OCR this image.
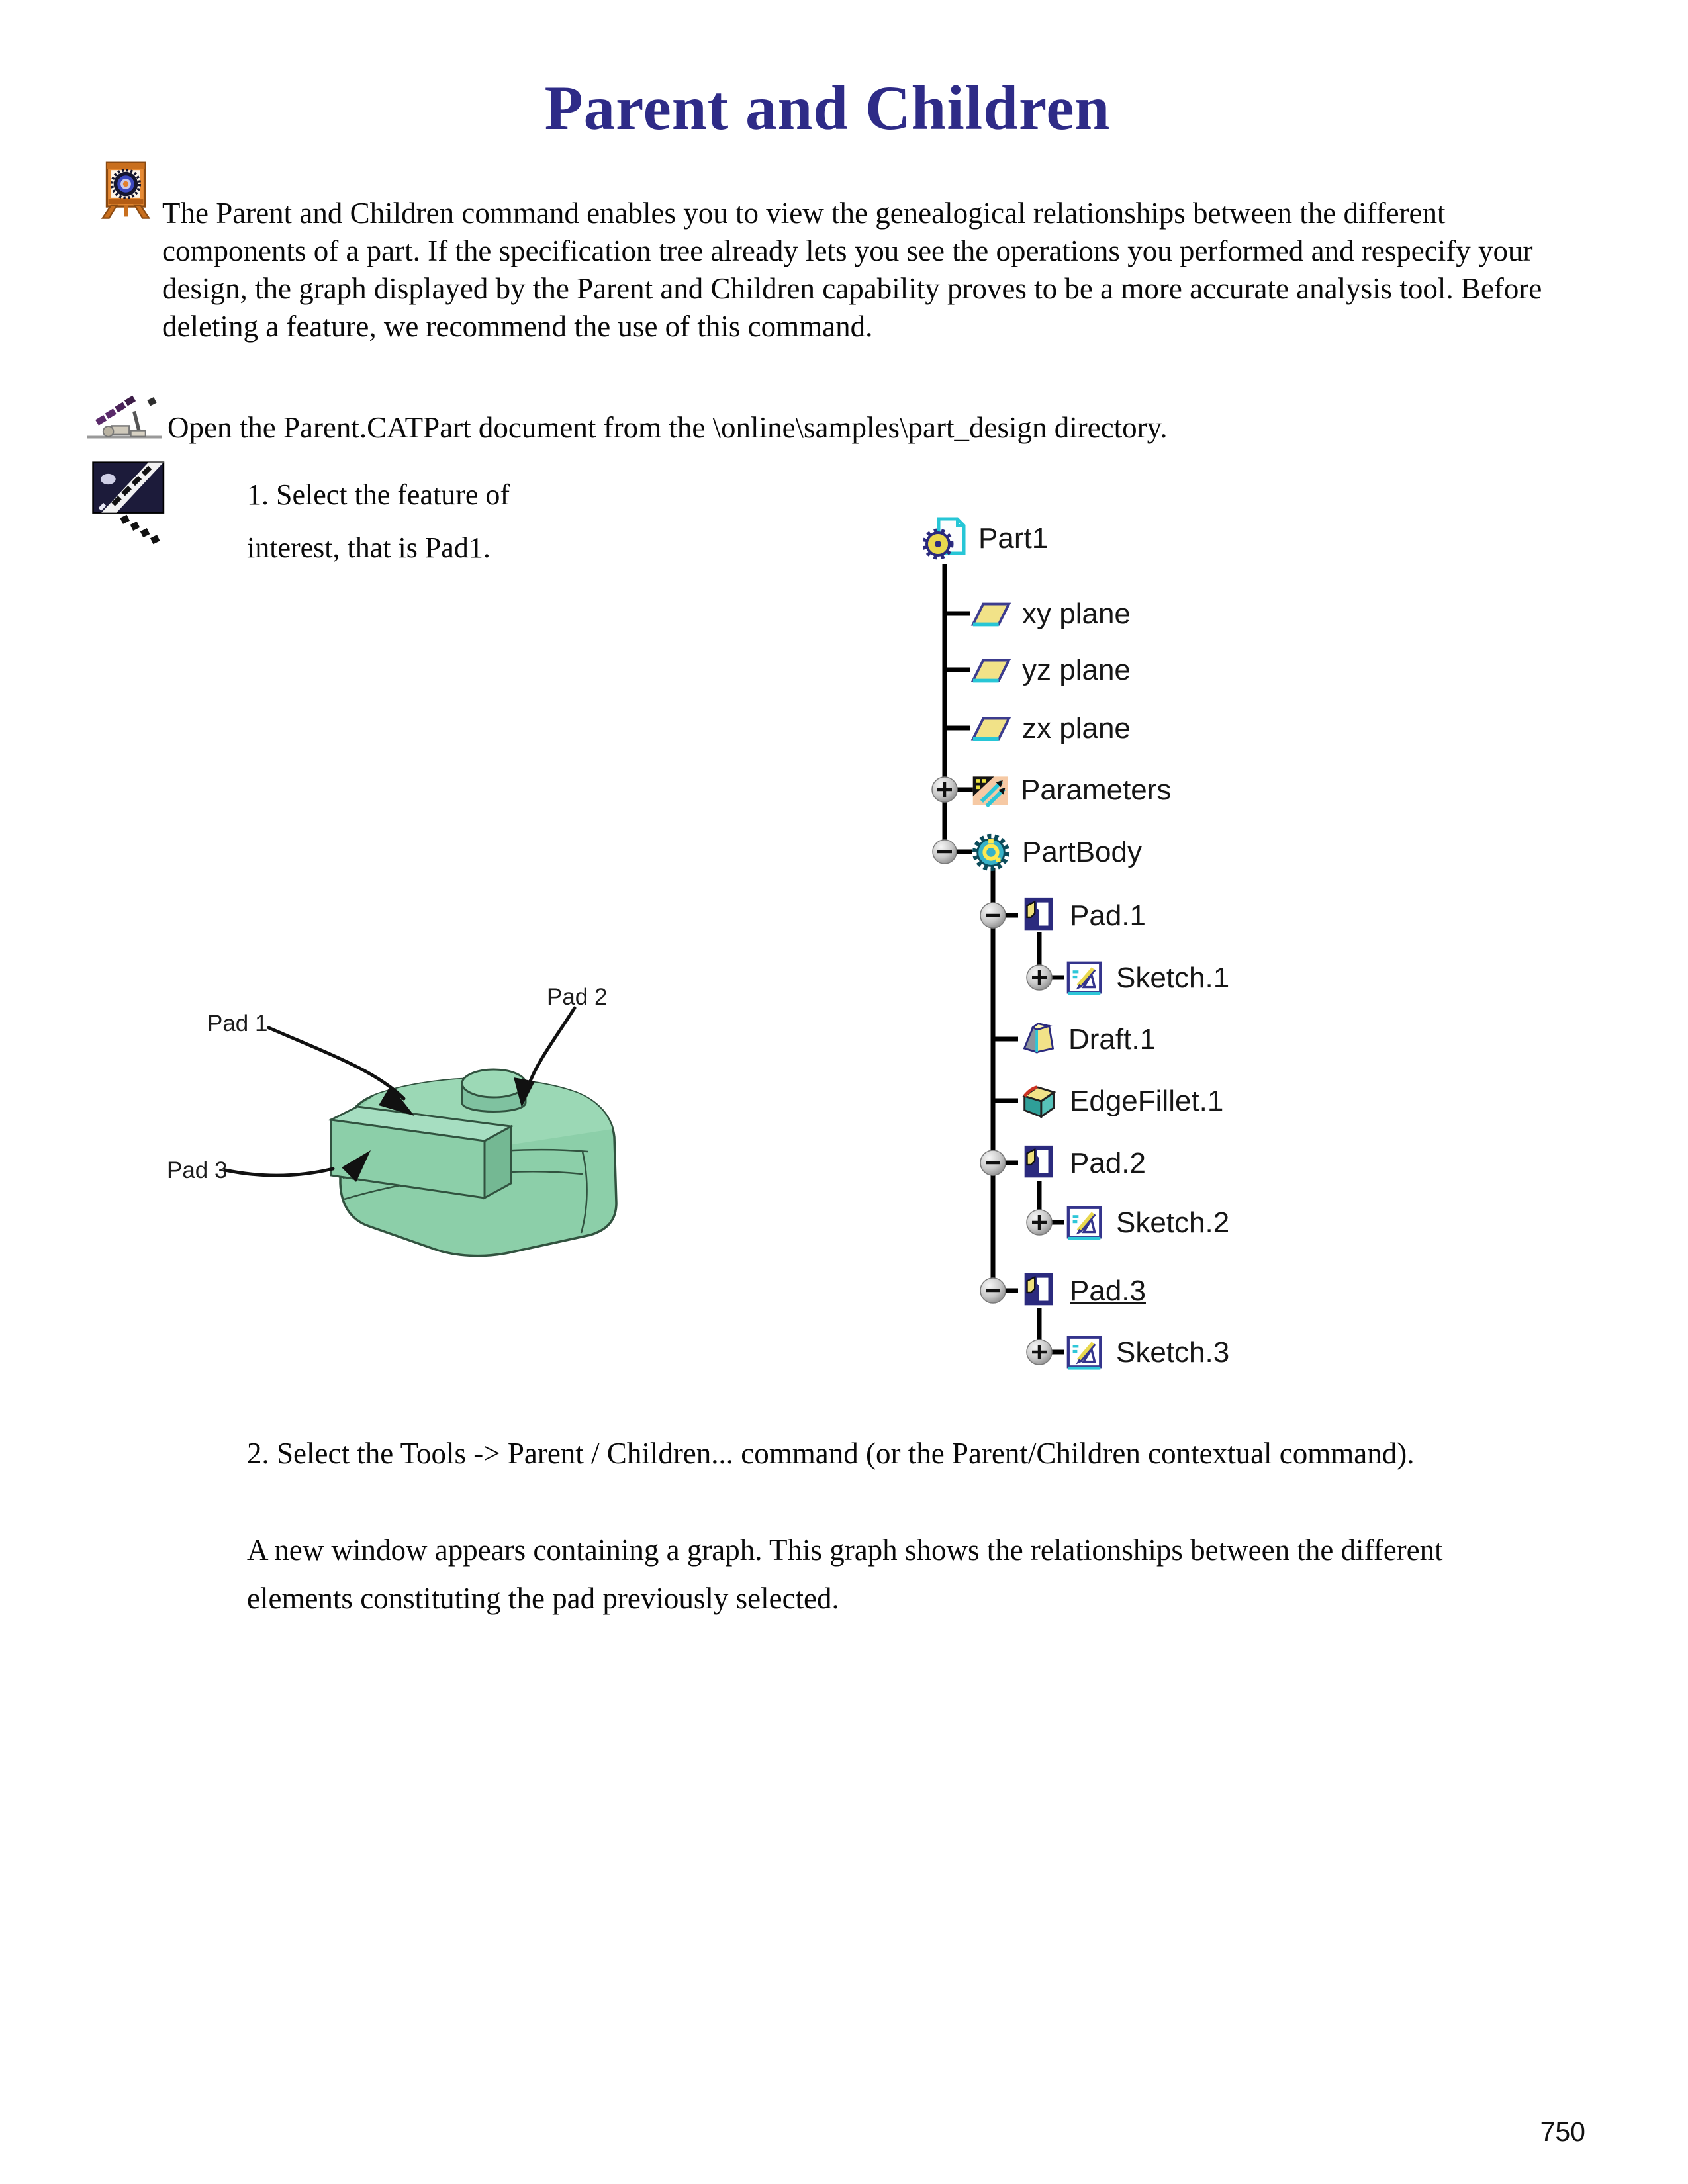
Parent and Children
The Parent and Children command enables you to view the genealogical relationships between the different components of a part. If the specification tree already lets you see the operations you performed and respecify your design, the graph displayed by the Parent and Children capability proves to be a more accurate analysis tool. Before deleting a feature, we recommend the use of this command.
Open the Parent.CATPart document from the \online\samples\part_design directory.
1. Select the feature of
interest, that is Pad1.
Pad 1
Pad 2
Pad 3
Part1
xy plane
yz plane
zx plane
Parameters
PartBody
Pad.1
Sketch.1
Draft.1
EdgeFillet.1
Pad.2
Sketch.2
Pad.3
Sketch.3
2. Select the Tools -> Parent / Children... command (or the Parent/Children contextual command).
A new window appears containing a graph. This graph shows the relationships between the different elements constituting the pad previously selected.
750
